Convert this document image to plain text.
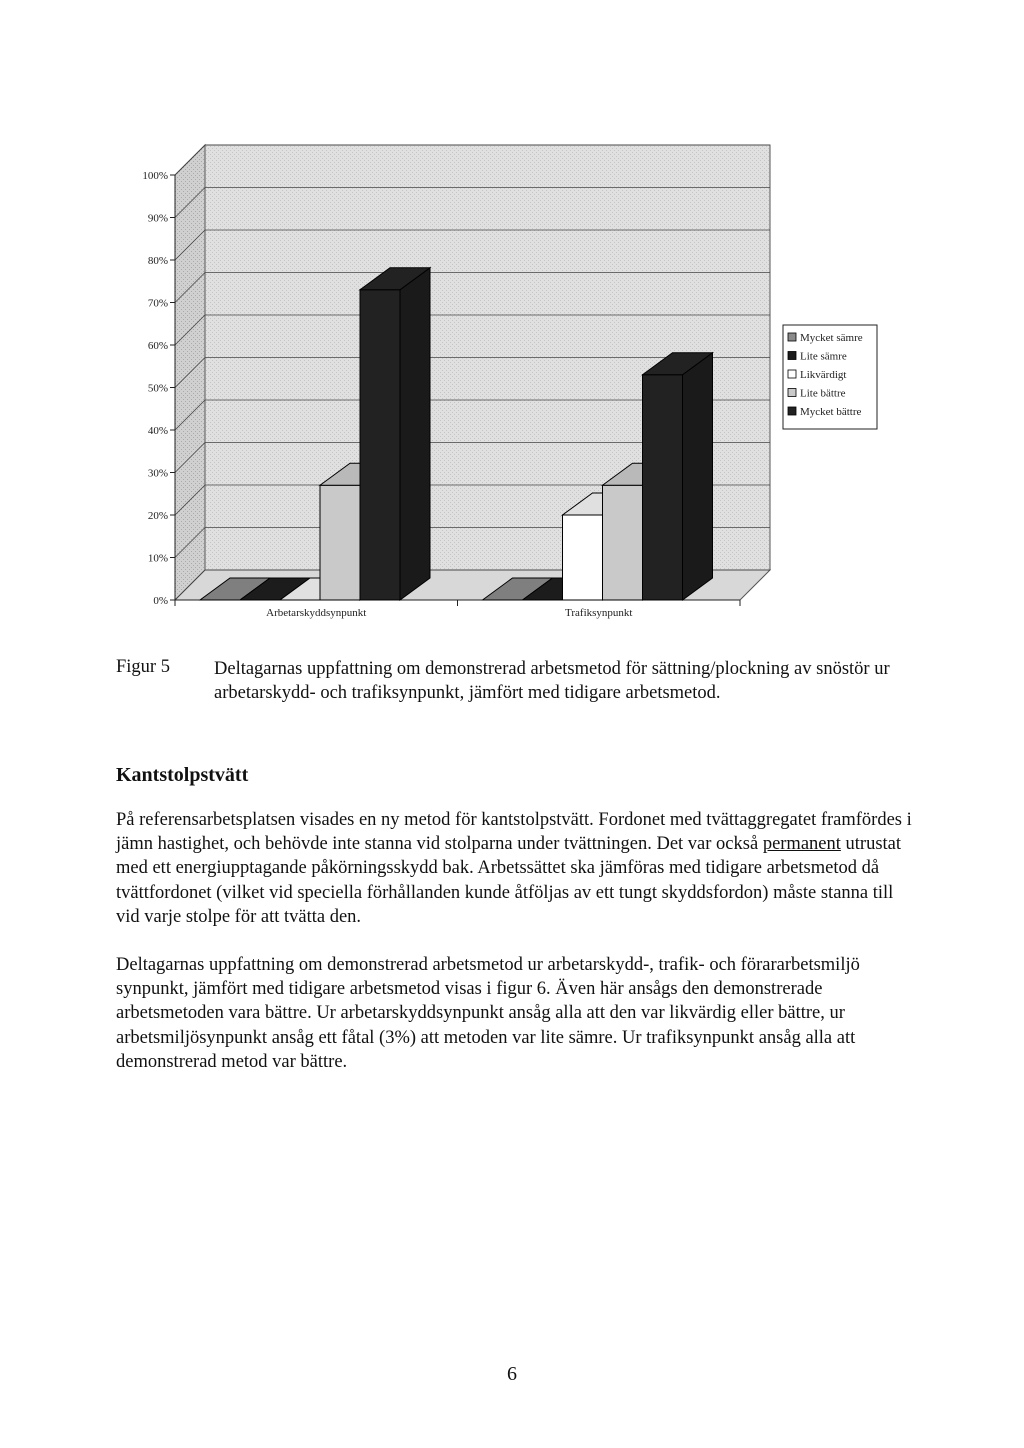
0%
10%
20%
30%
40%
50%
60%
70%
80%
90%
100%
Arbetarskyddsynpunkt	Trafiksynpunkt
Mycket sämre
Lite sämre
Likvärdigt
Lite bättre
Mycket bättre
Figur 5 Deltagarnas uppfattning om demonstrerad arbetsmetod för sättning/plockning av snöstör ur arbetarskydd- och trafiksynpunkt, jämfört med tidigare arbetsmetod.
Kantstolpstvätt

På referensarbetsplatsen visades en ny metod för kantstolpstvätt. Fordonet med tvättaggregatet framfördes i jämn hastighet, och behövde inte stanna vid stolparna under tvättningen. Det var också permanent utrustat med ett energiupptagande påkörningsskydd bak. Arbetssättet ska jämföras med tidigare arbetsmetod då tvättfordonet (vilket vid speciella förhållanden kunde åtföljas av ett tungt skyddsfordon) måste stanna till vid varje stolpe för att tvätta den.

Deltagarnas uppfattning om demonstrerad arbetsmetod ur arbetarskydd-, trafik- och förararbetsmiljö synpunkt, jämfört med tidigare arbetsmetod visas i figur 6. Även här ansågs den demonstrerade arbetsmetoden vara bättre. Ur arbetarskyddsynpunkt ansåg alla att den var likvärdig eller bättre, ur arbetsmiljösynpunkt ansåg ett fåtal (3%) att metoden var lite sämre. Ur trafiksynpunkt ansåg alla att demonstrerad metod var bättre.

6
